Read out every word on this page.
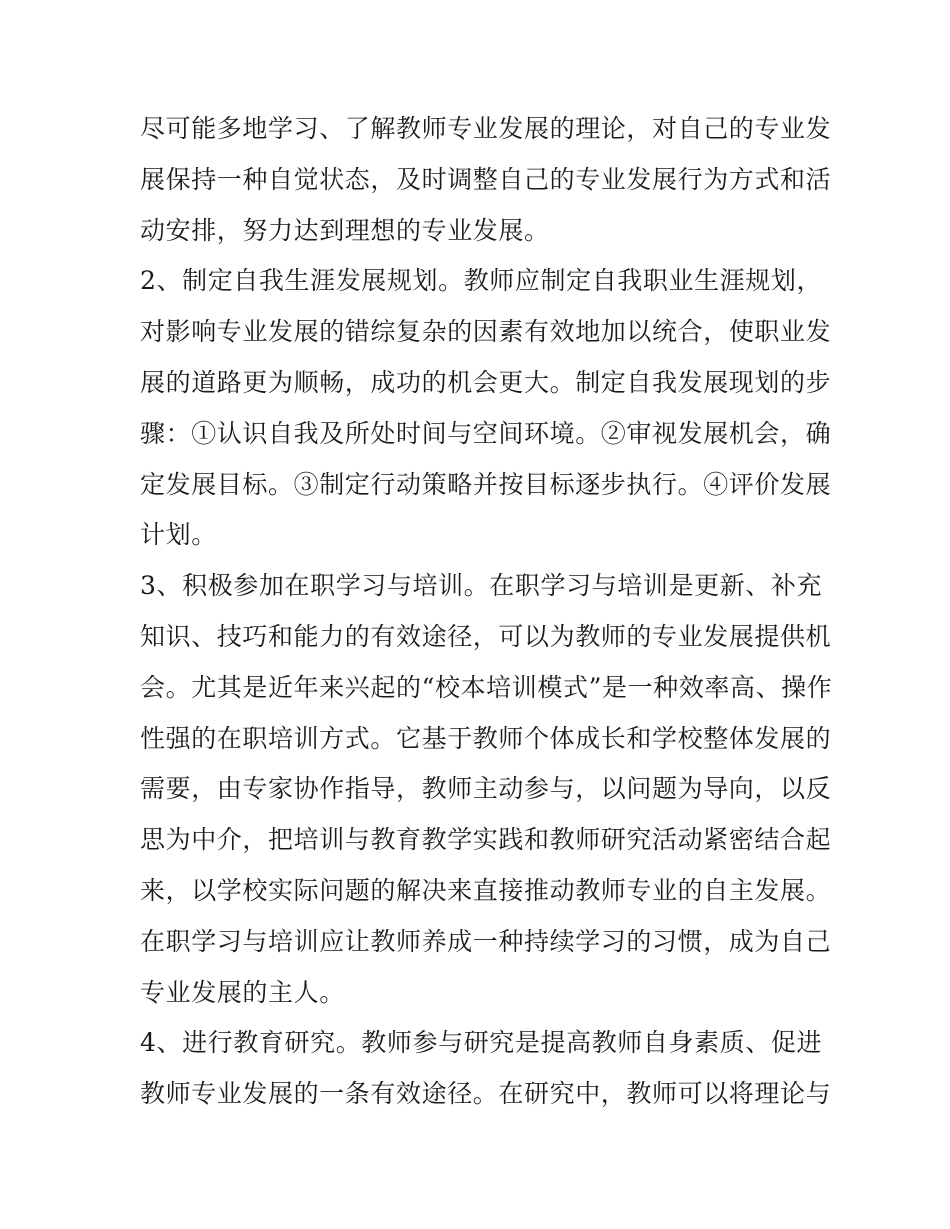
尽可能多地学习、了解教师专业发展的理论，对自己的专业发
展保持一种自觉状态，及时调整自己的专业发展行为方式和活
动安排，努力达到理想的专业发展。
2、制定自我生涯发展规划。教师应制定自我职业生涯规划，
对影响专业发展的错综复杂的因素有效地加以统合，使职业发
展的道路更为顺畅，成功的机会更大。制定自我发展现划的步
骤：①认识自我及所处时间与空间环境。②审视发展机会，确
定发展目标。③制定行动策略并按目标逐步执行。④评价发展
计划。
3、积极参加在职学习与培训。在职学习与培训是更新、补充
知识、技巧和能力的有效途径，可以为教师的专业发展提供机
会。尤其是近年来兴起的“校本培训模式”是一种效率高、操作
性强的在职培训方式。它基于教师个体成长和学校整体发展的
需要，由专家协作指导，教师主动参与，以问题为导向，以反
思为中介，把培训与教育教学实践和教师研究活动紧密结合起
来，以学校实际问题的解决来直接推动教师专业的自主发展。
在职学习与培训应让教师养成一种持续学习的习惯，成为自己
专业发展的主人。
4、进行教育研究。教师参与研究是提高教师自身素质、促进
教师专业发展的一条有效途径。在研究中，教师可以将理论与
